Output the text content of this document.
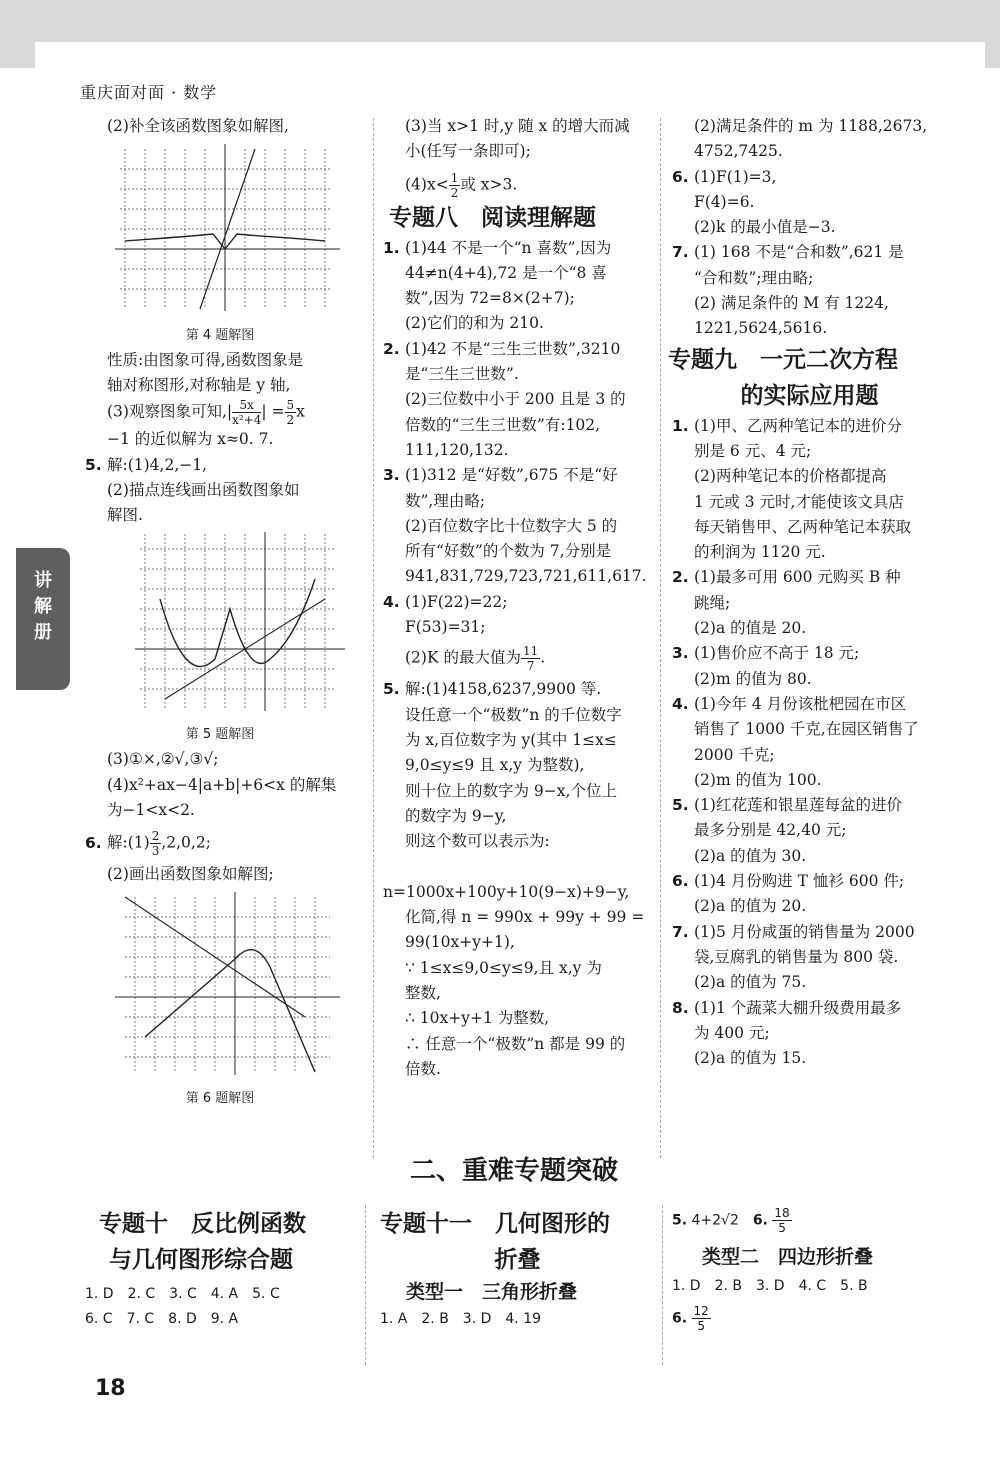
重庆面对面 · 数学
讲解册

(2)补全该函数图象如解图,

第 4 题解图

性质:由图象可得,函数图象是

轴对称图形,对称轴是 y 轴,

(3)观察图象可知,| $\frac{5x}{\text{x²+4}}$ | = $\frac{5}{2}$ x

−1 的近似解为 x≈0. 7.

5. 解:(1)4,2,−1,

(2)描点连线画出函数图象如

解图.

第 5 题解图

(3)①×,②√,③√;

(4)x²+ax−4|a+b|+6<x 的解集

为−1<x<2.

6. 解:(1) $\frac{2}{3} ,2,0,2$;

(2)画出函数图象如解图;

第 6 题解图

(3)当 x>1 时,y 随 x 的增大而减

小(任写一条即可);

$(4)x< \frac{1}{2}$ 或 x>3.

专题八　阅读理解题

1. (1)44 不是一个“n 喜数”,因为

44≠n(4+4),72 是一个“8 喜

数”,因为 72=8×(2+7);

(2)它们的和为 210.

2. (1)42 不是“三生三世数”,3210

是“三生三世数”.

(2)三位数中小于 200 且是 3 的

倍数的“三生三世数”有:102,

111,120,132.

3. (1)312 是“好数”,675 不是“好

数”,理由略;

(2)百位数字比十位数字大 5 的

所有“好数”的个数为 7,分别是

941,831,729,723,721,611,617.

4. (1)F(22)=22;

F(53)=31;

(2)K 的最大值为 $\frac{11}{7}$ .

5. 解:(1)4158,6237,9900 等.

设任意一个“极数”n 的千位数字

为 x,百位数字为 y(其中 1≤x≤

9,0≤y≤9 且 x,y 为整数),

则十位上的数字为 9−x,个位上

的数字为 9−y,

则这个数可以表示为:

n=1000x+100y+10(9−x)+9−y,

化简,得 n = 990x + 99y + 99 =

99(10x+y+1),

∵ 1≤x≤9,0≤y≤9,且 x,y 为

整数,

∴ 10x+y+1 为整数,

∴ 任意一个“极数”n 都是 99 的

倍数.

(2)满足条件的 m 为 1188,2673,

4752,7425.

6. (1)F(1)=3,

F(4)=6.

(2)k 的最小值是−3.

7. (1) 168 不是“合和数”,621 是

“合和数”;理由略;

(2) 满足条件的 M 有 1224,

1221,5624,5616.

专题九　一元二次方程

的实际应用题

1. (1)甲、乙两种笔记本的进价分

别是 6 元、4 元;

(2)两种笔记本的价格都提高

1 元或 3 元时,才能使该文具店

每天销售甲、乙两种笔记本获取

的利润为 1120 元.

2. (1)最多可用 600 元购买 B 种

跳绳;

(2)a 的值是 20.

3. (1)售价应不高于 18 元;

(2)m 的值为 80.

4. (1)今年 4 月份该枇杷园在市区

销售了 1000 千克,在园区销售了

2000 千克;

(2)m 的值为 100.

5. (1)红花莲和银星莲每盆的进价

最多分别是 42,40 元;

(2)a 的值为 30.

6. (1)4 月份购进 T 恤衫 600 件;

(2)a 的值为 20.

7. (1)5 月份咸蛋的销售量为 2000

袋,豆腐乳的销售量为 800 袋.

(2)a 的值为 75.

8. (1)1 个蔬菜大棚升级费用最多

为 400 元;

(2)a 的值为 15.

二、重难专题突破

专题十　反比例函数

与几何图形综合题

1. D　2. C　3. C　4. A　5. C

6. C　7. C　8. D　9. A

专题十一　几何图形的

折叠

类型一　三角形折叠

1. A　2. B　3. D　4. 19

5. 4+2√2　 6. $\frac{18}{5}$

类型二　四边形折叠

1. D　2. B　3. D　4. C　5. B

6. $\frac{12}{5}$

18
